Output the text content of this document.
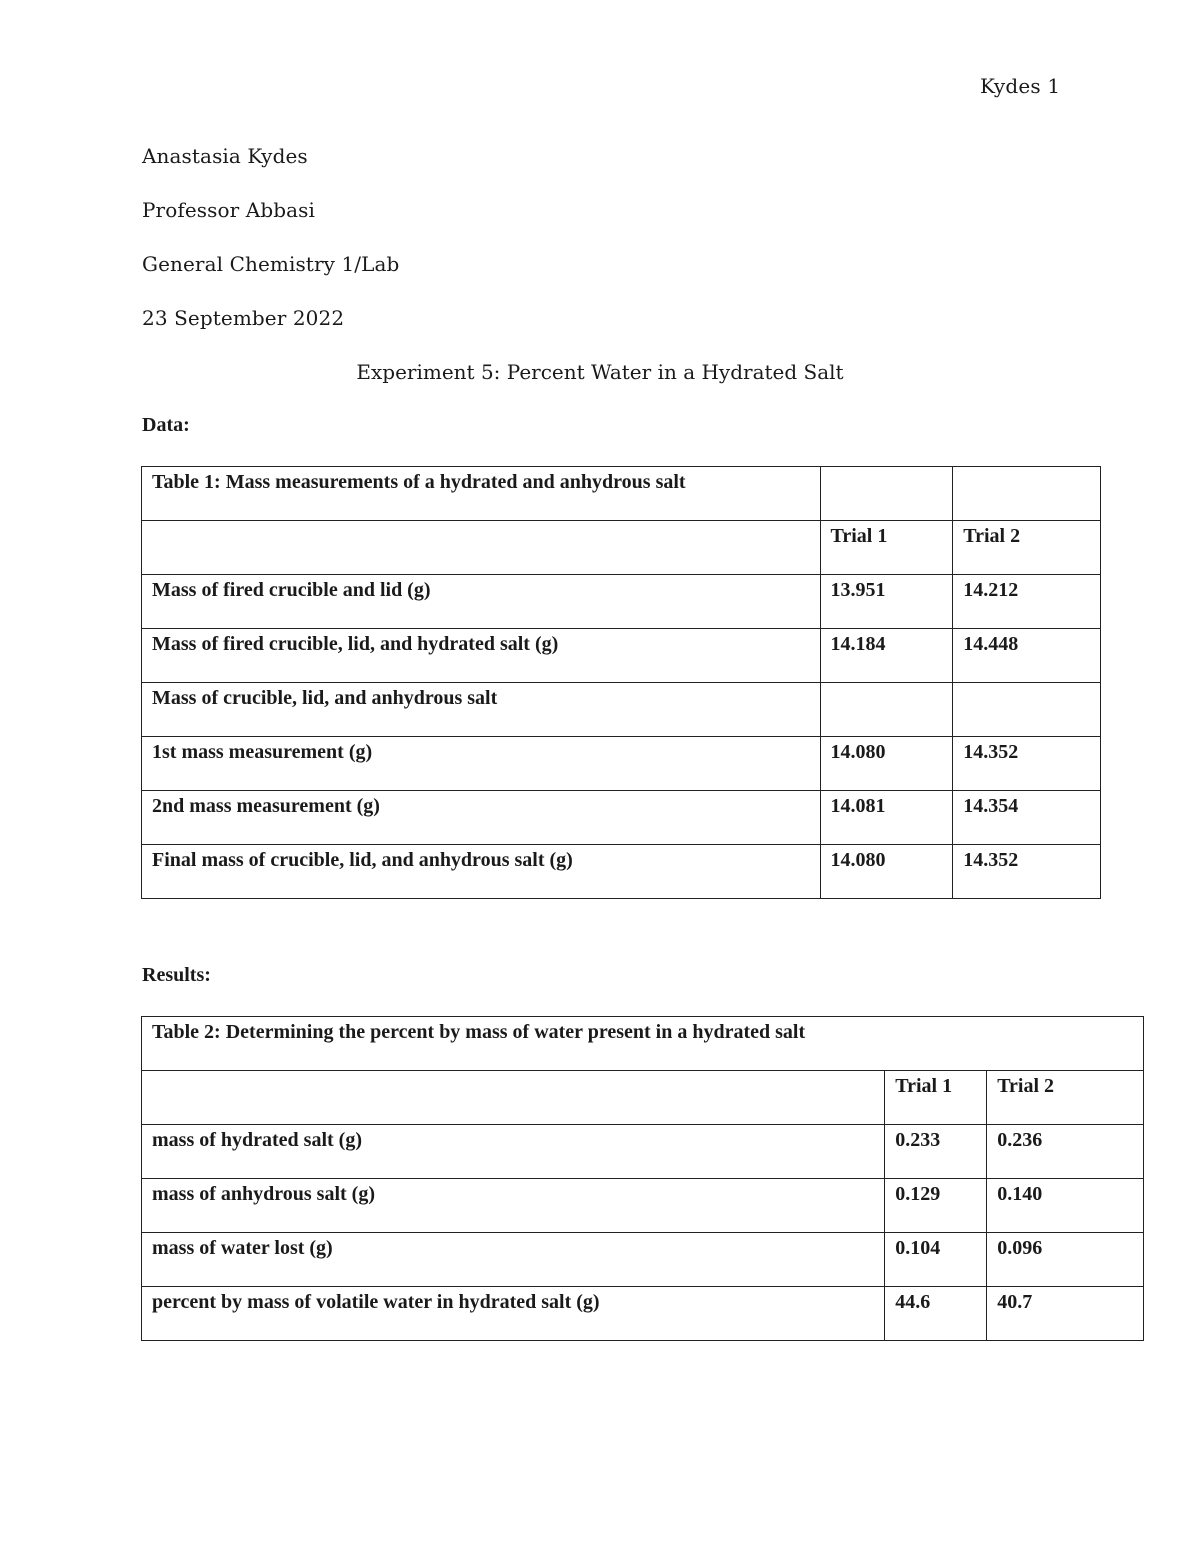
Kydes 1
Anastasia Kydes
Professor Abbasi
General Chemistry 1/Lab
23 September 2022
Experiment 5: Percent Water in a Hydrated Salt
Data:
Table 1: Mass measurements of a hydrated and anhydrous salt		
	Trial 1	Trial 2
Mass of fired crucible and lid (g)	13.951	14.212
Mass of fired crucible, lid, and hydrated salt (g)	14.184	14.448
Mass of crucible, lid, and anhydrous salt		
1st mass measurement (g)	14.080	14.352
2nd mass measurement (g)	14.081	14.354
Final mass of crucible, lid, and anhydrous salt (g)	14.080	14.352
Results:
Table 2: Determining the percent by mass of water present in a hydrated salt		
	Trial 1	Trial 2
mass of hydrated salt (g)	0.233	0.236
mass of anhydrous salt (g)	0.129	0.140
mass of water lost (g)	0.104	0.096
percent by mass of volatile water in hydrated salt (g)	44.6	40.7
